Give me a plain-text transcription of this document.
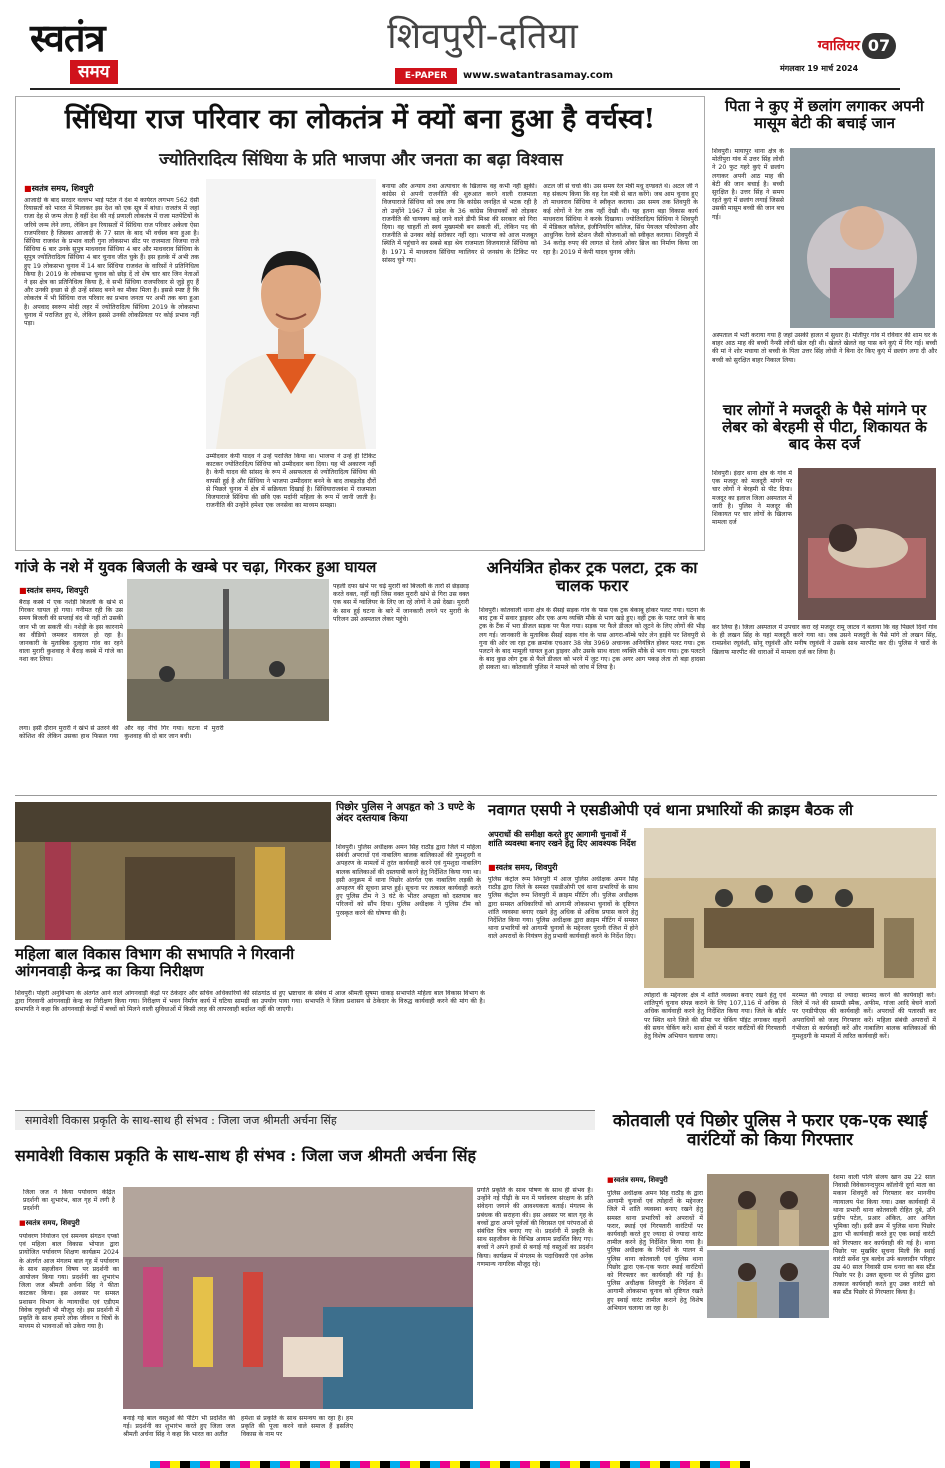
स्वतंत्र
समय
शिवपुरी-दतिया
E-PAPER	www.swatantrasamay.com
ग्वालियर 07
मंगलवार 19 मार्च 2024
सिंधिया राज परिवार का लोकतंत्र में क्यों बना हुआ है वर्चस्व!
ज्योतिरादित्य सिंधिया के प्रति भाजपा और जनता का बढ़ा विश्वास
■ स्वतंत्र समय, शिवपुरी
आजादी के बाद सरदार वल्लभ भाई पटेल ने देश में कार्यरत लगभग 562 देसी रियासतों को भारत में मिलाकर इस देश को एक सूत्र में बांधा। राजतंत्र में जहां राजा देह से जन्म लेता है वहीं देश की नई प्रणाली लोकतंत्र में राजा मतपेटियों के जरिये जन्म लेने लगा, लेकिन इन रियासतों में सिंधिया राज परिवार अकेला ऐसा राजपरिवार है जिसका आजादी के 77 साल के बाद भी वर्चस्व बना हुआ है। सिंधिया राजवंश के प्रभाव वाली गुना लोकसभा सीट पर राजमाता विजया राजे सिंधिया 6 बार उनके सुपुत्र माधवराव सिंधिया 4 बार और माधवराव सिंधिया के सुपुत्र ज्योतिरादित्य सिंधिया 4 बार चुनाव जीत चुके हैं। इस हलके में अभी तक हुए 19 लोकसभा चुनाव में 14 बार सिंधिया राजवंश के वारिसों ने प्रतिनिधित्व किया है। 2019 के लोकसभा चुनाव को छोड़ दें तो शेष चार बार जिन नेताओं ने इस क्षेत्र का प्रतिनिधित्व किया है, वे सभी सिंधिया राजपरिवार से जुड़े हुए हैं और उनकी इच्छा से ही उन्हें सांसद बनने का मौका मिला है। इससे स्पष्ट है कि लोकतंत्र में भी सिंधिया राज परिवार का प्रभाव जनता पर अभी तक बना हुआ है। अपवाद स्वरूप मोदी लहर में ज्योतिरादित्य सिंधिया 2019 के लोकसभा चुनाव में पराजित हुए थे, लेकिन इससे उनकी लोकप्रियता पर कोई प्रभाव नहीं पड़ा।
उम्मीदवार केपी यादव ने उन्हें पराजित किया था। भाजपा ने उन्हें ही टिकिट काटकर ज्योतिरादित्य सिंधिया को उम्मीदवार बना दिया। यह भी अकारण नहीं है। केपी यादव की सांसद के रूप में असफलता से ज्योतिरादित्य सिंधिया की वापसी हुई है और सिंधिया ने भाजपा उम्मीदवार बनने के बाद ताबड़तोड़ दौरों से पिछले चुनाव में क्षेत्र में सक्रियता दिखाई है। सिंधियाराजवंश में राजमाता विजयाराजे सिंधिया की छवि एक मर्दानी महिला के रूप में जानी जाती है। राजनीति की उन्होंने हमेशा एक जनसेवा का माध्यम समझा।
बनाया और अन्याय तथा अत्याचार के खिलाफ वह कभी नहीं झुकीं। कांग्रेस से अपनी राजनीति की शुरुआत करने वाली राजमाता विजयाराजे सिंधिया को जब लगा कि कांग्रेस जनहित से भटक रही है तो उन्होंने 1967 में प्रदेश के 36 कांग्रेस विधायकों को तोड़कर राजनीति की चाणक्य कहे जाने वाले डीपी मिश्रा की सरकार को गिरा दिया। वह चाहतीं तो स्वयं मुख्यमंत्री बन सकती थीं, लेकिन पद की राजनीति से उनका कोई सरोकार नहीं रहा। भाजपा को आज मजबूत स्थिति में पहुंचाने का सबसे बड़ा श्रेय राजमाता विजयाराजे सिंधिया को है। 1971 में माधवराव सिंधिया ग्वालियर से जनसंघ के टिकिट पर सांसद चुने गए।
अटल जी से चर्चा की। उस समय रेल मंत्री मधु दण्डवते थे। अटल जी ने यह संकल्प किया कि वह रेल मंत्री से बात करेंगे। जब आम चुनाव हुए तो माधवराव सिंधिया ने स्वीकृत कराया। उस समय तक शिवपुरी के कई लोगों ने रेल तक नहीं देखी थी। यह इतना बड़ा विकास कार्य माधवराव सिंधिया ने करके दिखाया। ज्योतिरादित्य सिंधिया ने शिवपुरी में मेडिकल कॉलेज, इंजीनियरिंग कॉलेज, सिंध पेयजल परियोजना और आधुनिक रेलवे स्टेशन जैसी योजनाओं को स्वीकृत कराया। शिवपुरी में 34 करोड़ रुपए की लागत से रेलवे ओवर ब्रिज का निर्माण किया जा रहा है। 2019 में केपी यादव चुनाव जीते।
पिता ने कुए में छलांग लगाकर अपनी मासूम बेटी की बचाई जान
शिवपुरी। मायापुर थाना क्षेत्र के मोतीपुरा गांव में उत्तर सिंह लोधी ने 20 फुट गहरे कुएं में छलांग लगाकर अपनी आठ माह की बेटी की जान बचाई है। बच्ची सुरक्षित है। उत्तर सिंह ने समय रहते कुएं में छलांग लगाई जिससे उसकी मासूम बच्ची की जान बच गई।
अस्पताल में भर्ती कराया गया है जहां उसकी हालत में सुधार है। मोतीपुर गांव में रविवार की शाम घर के बाहर आठ माह की बच्ची नैन्सी लोधी खेल रही थी। खेलते खेलते वह पास बने कुएं में गिर गई। बच्ची की मां ने शोर मचाया तो बच्ची के पिता उत्तर सिंह लोधी ने बिना देर किए कुएं में छलांग लगा दी और बच्ची को सुरक्षित बाहर निकाल लिया।
चार लोगों ने मजदूरी के पैसे मांगने पर लेबर को बेरहमी से पीटा, शिकायत के बाद केस दर्ज
शिवपुरी। इंदार थाना क्षेत्र के गांव में एक मजदूर को मजदूरी मांगने पर चार लोगों ने बेरहमी से पीट दिया। मजदूर का इलाज जिला अस्पताल में जारी है। पुलिस ने मजदूर की शिकायत पर चार लोगों के खिलाफ मामला दर्ज
कर लिया है। जिला अस्पताल में उपचार करा रहे मजदूर रामू जाटव ने बताया कि वह पिछले दिनों गांव के ही लखन सिंह के यहां मजदूरी करने गया था। जब उसने मजदूरी के पैसे मांगे तो लखन सिंह, रामप्रवेश रघुवंशी, सोनू रघुवंशी और मनीष रघुवंशी ने उसके साथ मारपीट कर दी। पुलिस ने चारों के खिलाफ मारपीट की धाराओं में मामला दर्ज कर लिया है।
गांजे के नशे में युवक बिजली के खम्बे पर चढ़ा, गिरकर हुआ घायल
■ स्वतंत्र समय, शिवपुरी
बैराड़ कस्बे में एक नशेड़ी बिजली के खंभे से गिरकर घायल हो गया। गनीमत रही कि उस समय बिजली की सप्लाई बंद थी नहीं तो उसकी जान भी जा सकती थी। नशेड़ी के इस कारनामे का वीडियो जमकर वायरल हो रहा है। जानकारी के मुताबिक दुल्हारा गांव का रहने वाला मुरारी कुशवाह ने बैराड़ कस्बे में गांजे का नशा कर लिया।
पहली दफा खंभे पर चढ़े मुरारी को बिजली के तारों से छेड़छाड़ करते वक्त, नहीं वहीं जिस वक्त मुरारी खंभे से गिरा उस वक्त एक बस में ग्वालियर के लिए जा रहे लोगों ने उसे देखा। मुरारी के साथ हुई घटना के बारे में जानकारी लगने पर मुरारी के परिजन उसे अस्पताल लेकर पहुंचे।
लगा। इसी दौरान मुरारी ने खंभे से उतरने की कोशिश की लेकिन उसका हाथ फिसल गया और वह नीचे गिर गया। घटना में मुरारी कुशवाह की दो बार जान बची।
अनियंत्रित होकर ट्रक पलटा, ट्रक का चालक फरार
शिवपुरी। कोतवाली थाना क्षेत्र के सैसई सड़क गांव के पास एक ट्रक बेकाबू होकर पलट गया। घटना के बाद ट्रक में सवार ड्राइवर और एक अन्य व्यक्ति मौके से भाग खड़े हुए। वहीं ट्रक के पलट जाने के बाद ट्रक के टैंक में भरा डीजल सड़क पर फैल गया। सड़क पर फैले डीजल को लूटने के लिए लोगों की भीड़ लग गई। जानकारी के मुताबिक सैसई सड़क गांव के पास आगरा-बॉम्बे फोर लेन हाईवे पर शिवपुरी से गुना की ओर जा रहा ट्रक क्रमांक एचआर 38 जेड 3969 अचानक अनियंत्रित होकर पलट गया। ट्रक पलटने के बाद मामूली घायल हुआ ड्राइवर और उसके साथ वाला व्यक्ति मौके से भाग गया। ट्रक पलटने के बाद कुछ लोग ट्रक से फैले डीजल को भरने में जुट गए। ट्रक अगर आग पकड़ लेता तो बड़ा हादसा हो सकता था। कोतवाली पुलिस ने मामले को जांच में लिया है।
महिला बाल विकास विभाग की सभापति ने गिरवानी आंगनवाड़ी केन्द्र का किया निरीक्षण
शिवपुरी। पोहरी अनुविभाग के अंतर्गत आने वाले आंगनवाड़ी केंद्रों पर ठेकेदार और सचिव अधिकारियों की सांठगांठ से हुए भ्रष्टाचार के संबंध में आज श्रीमती सुषमा धाकड़ सभापति महिला बाल विकास विभाग के द्वारा गिरवानी आंगनवाड़ी केन्द्र का निरीक्षण किया गया। निरीक्षण में भवन निर्माण कार्य में घटिया सामग्री का उपयोग पाया गया। सभापति ने जिला प्रशासन से ठेकेदार के विरुद्ध कार्यवाही करने की मांग की है। सभापति ने कहा कि आंगनवाड़ी केन्द्रों में बच्चों को मिलने वाली सुविधाओं में किसी तरह की लापरवाही बर्दाश्त नहीं की जाएगी।
पिछोर पुलिस ने अपहृत को 3 घण्टे के अंदर दस्तयाब किया
शिवपुरी। पुलिस अधीक्षक अमन सिंह राठौड़ द्वारा जिले में महिला संबंधी अपराधों एवं नाबालिग बालक बालिकाओं की गुमशुदगी व अपहरण के मामलों में तुरंत कार्यवाही करने एवं गुमशुदा नाबालिग बालक बालिकाओं की दस्तयाबी करने हेतु निर्देशित किया गया था। इसी अनुक्रम में थाना पिछोर अंतर्गत एक नाबालिग लड़की के अपहरण की सूचना प्राप्त हुई। सूचना पर तत्काल कार्यवाही करते हुए पुलिस टीम ने 3 घंटे के भीतर अपहृता को दस्तयाब कर परिजनों को सौंप दिया। पुलिस अधीक्षक ने पुलिस टीम को पुरस्कृत करने की घोषणा की है।
नवागत एसपी ने एसडीओपी एवं थाना प्रभारियों की क्राइम बैठक ली
अपराधों की समीक्षा करते हुए आगामी चुनावों में शांति व्यवस्था बनाए रखने हेतु दिए आवश्यक निर्देश
■ स्वतंत्र समय, शिवपुरी
पुलिस कंट्रोल रूम शिवपुरी में आज पुलिस अधीक्षक अमन सिंह राठौड़ द्वारा जिले के समस्त एसडीओपी एवं थाना प्रभारियों के साथ पुलिस कंट्रोल रूम शिवपुरी में क्राइम मीटिंग ली। पुलिस अधीक्षक द्वारा समस्त अधिकारियों को आगामी लोकसभा चुनावों के दृष्टिगत शांति व्यवस्था बनाए रखने हेतु अधिक से अधिक प्रयास करने हेतु निर्देशित किया गया। पुलिस अधीक्षक द्वारा क्राइम मीटिंग में समस्त थाना प्रभारियों को आगामी चुनावों के मद्देनजर पुरानी रंजिश में होने वाले अपराधों के नियंत्रण हेतु प्रभावी कार्यवाही करने के निर्देश दिए।
त्योहारों के मद्देनजर क्षेत्र में शांति व्यवस्था बनाए रखने हेतु एवं शांतिपूर्ण चुनाव संपन्न कराने के लिए 107,116 में अधिक से अधिक कार्यवाही करने हेतु निर्देशित किया गया। जिले के बॉर्डर पर स्थित थाने जिले की सीमा पर चेकिंग पॉइंट लगाकर वाहनों की सघन चेकिंग करें। थाना क्षेत्रों में फरार वारंटियों की गिरफ्तारी हेतु विशेष अभियान चलाया जाए।
मरम्मत की ज्यादा से ज्यादा बरामद करने की कार्यवाही करें। जिले में नशे की सामग्री स्मैक, अफीम, गांजा आदि बेचने वालों पर एनडीपीएस की कार्यवाही करें। अपराधों की पतारसी कर अपराधियों को जल्द गिरफ्तार करें। महिला संबंधी अपराधों में गंभीरता से कार्यवाही करें और नाबालिग बालक बालिकाओं की गुमशुदगी के मामलों में त्वरित कार्यवाही करें।
समावेशी विकास प्रकृति के साथ-साथ ही संभव : जिला जज श्रीमती अर्चना सिंह
समावेशी विकास प्रकृति के साथ-साथ ही संभव : जिला जज श्रीमती अर्चना सिंह
जिला जज ने किया पर्यावरण केंद्रित प्रदर्शनी का शुभारंभ, बाल गृह में लगी है प्रदर्शनी
■ स्वतंत्र समय, शिवपुरी
पर्यावरण नियोजन एवं समन्वय संगठन एप्को एवं महिला बाल विकास भोपाल द्वारा प्रायोजित पर्यावरण शिक्षण कार्यक्रम 2024 के अंतर्गत आज मंगलम बाल गृह में पर्यावरण के साथ सहजीवन विषय पर प्रदर्शनी का आयोजन किया गया। प्रदर्शनी का शुभारंभ जिला जज श्रीमती अर्चना सिंह ने फीता काटकर किया। इस अवसर पर समस्त प्रशासन विभाग के न्यायाधीश एवं एडीएम विवेक रघुवंशी भी मौजूद रहे। इस प्रदर्शनी में प्रकृति के साथ हमारे लोक जीवन व चित्रों के माध्यम से भावनाओं को उकेरा गया है।
बनाई गई बाल वस्तुओं की पेंटिंग भी प्रदर्शित की गई। प्रदर्शनी का शुभारंभ करते हुए जिला जज श्रीमती अर्चना सिंह ने कहा कि भारत का अतीत
हमेशा से प्रकृति के साथ समन्वय का रहा है। हम प्रकृति की पूजा करने वाले समाज हैं इसलिए विकास के नाम पर
प्रगति प्रकृति के साथ पोषण के साथ ही संभव है। उन्होंने नई पीढ़ी के मन में पर्यावरण संरक्षण के प्रति संवेदना जगाने की आवश्यकता बताई। मंगलम के प्रबंधक की सराहना की। इस अवसर पर बाल गृह के बच्चों द्वारा अपने पूर्वजों की विरासत एवं परंपराओं से संबंधित चित्र बनाए गए थे। प्रदर्शनी में प्रकृति के साथ सहजीवन के विभिन्न आयाम प्रदर्शित किए गए। बच्चों ने अपने हाथों से बनाई गई वस्तुओं का प्रदर्शन किया। कार्यक्रम में मंगलम के पदाधिकारी एवं अनेक गणमान्य नागरिक मौजूद रहे।
कोतवाली एवं पिछोर पुलिस ने फरार एक-एक स्थाई वारंटियों को किया गिरफ्तार
■ स्वतंत्र समय, शिवपुरी
पुलिस अधीक्षक अमन सिंह राठौड़ के द्वारा आगामी चुनावों एवं त्योहारों के मद्देनजर जिले में शांति व्यवस्था बनाए रखने हेतु समस्त थाना प्रभारियों को अपराधों में फरार, स्थाई एवं गिरफ्तारी वारंटियों पर कार्यवाही करते हुए ज्यादा से ज्यादा वारंट तामील करने हेतु निर्देशित किया गया है। पुलिस अधीक्षक के निर्देशों के पालन में पुलिस थाना कोतवाली एवं पुलिस थाना पिछोर द्वारा एक-एक फरार स्थाई वारंटियों को गिरफ्तार कर कार्यवाही की गई है। पुलिस अधीक्षक शिवपुरी के निर्देशन में आगामी लोकसभा चुनाव को दृष्टिगत रखते हुए स्थाई वारंट तामील कराने हेतु विशेष अभियान चलाया जा रहा है।
रेशमा वाली पत्नि संजय खान उम्र 22 साल निवासी विवेकानन्दपुरम कॉलोनी दूर्गा माता का मकान शिवपुरी को गिरफ्तार कर माननीय न्यायालय पेश किया गया। उक्त कार्यवाही में थाना प्रभारी थाना कोतवाली रोहित दुबे, उनि प्रदीप पटेल, प्रआर अंकित, आर अनिल भूमिका रही। इसी क्रम में पुलिस थाना पिछोर द्वारा भी कार्यवाही करते हुए एक स्थाई वारंटी को गिरफ्तार कर कार्यवाही की गई है। थाना पिछोर पर मुखबिर सूचना मिली कि स्थाई वारंटी सर्वेश पुत्र बल्देव उर्फ बल्लादीन परिहार उम्र 40 साल निवासी ग्राम धनरा का बस स्टैंड पिछोर पर है। उक्त सूचना पर से पुलिस द्वारा तत्काल कार्यवाही करते हुए उक्त वारंटी को बस स्टैंड पिछोर से गिरफ्तार किया है।
